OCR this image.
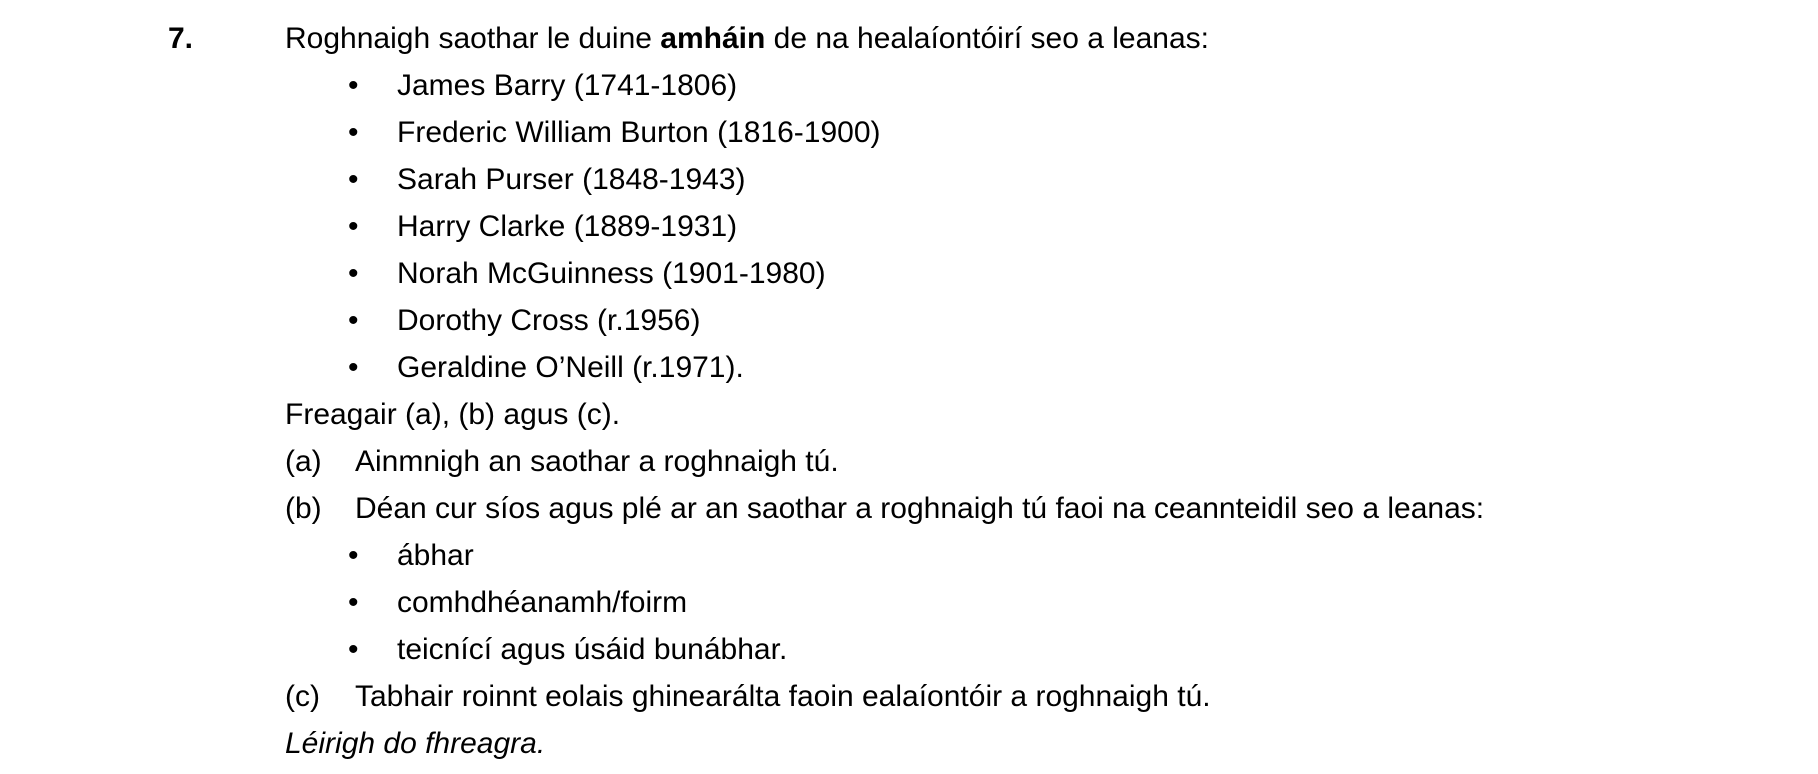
7.	Roghnaigh saothar le duine amháin de na healaíontóirí seo a leanas:
•	James Barry (1741-1806)
•	Frederic William Burton (1816-1900)
•	Sarah Purser (1848-1943)
•	Harry Clarke (1889-1931)
•	Norah McGuinness (1901-1980)
•	Dorothy Cross (r.1956)
•	Geraldine O’Neill (r.1971).
Freagair (a), (b) agus (c).
(a)	Ainmnigh an saothar a roghnaigh tú.
(b)	Déan cur síos agus plé ar an saothar a roghnaigh tú faoi na ceannteidil seo a leanas:
•	ábhar
•	comhdhéanamh/foirm
•	teicnící agus úsáid bunábhar.
(c)	Tabhair roinnt eolais ghinearálta faoin ealaíontóir a roghnaigh tú.
Léirigh do fhreagra.
